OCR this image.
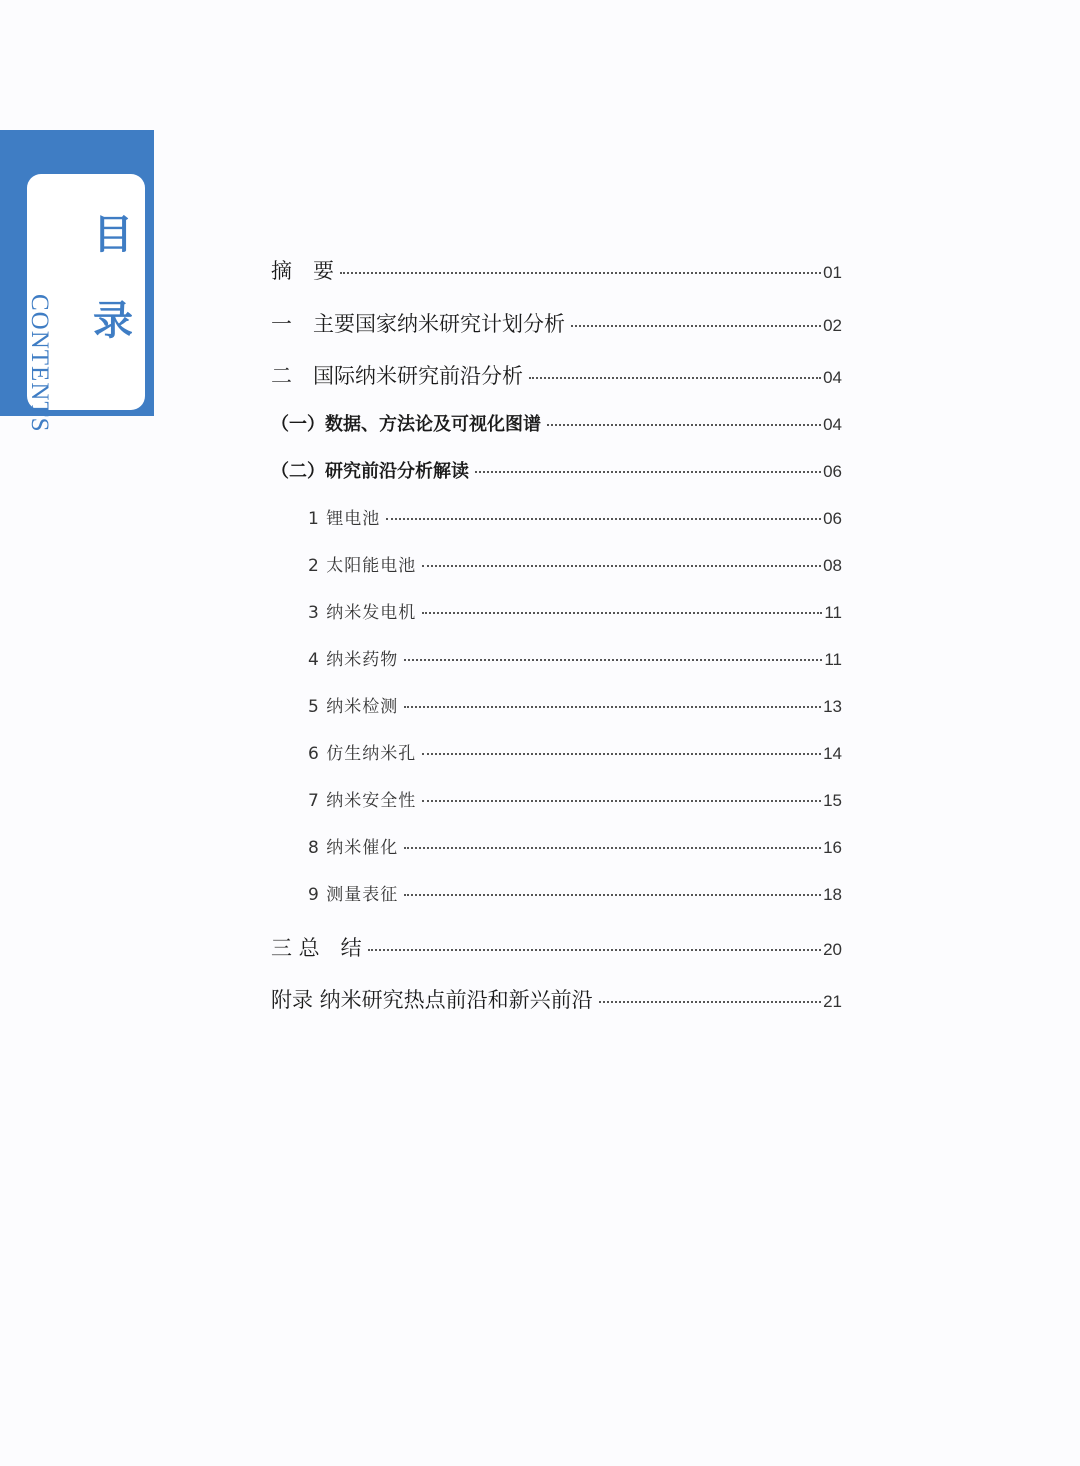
目
录
CONTENTS
摘　要	01
一　主要国家纳米研究计划分析	02
二　国际纳米研究前沿分析	04
（一）数据、方法论及可视化图谱	04
（二）研究前沿分析解读	06
1 锂电池	06
2 太阳能电池	08
3 纳米发电机	11
4 纳米药物	11
5 纳米检测	13
6 仿生纳米孔	14
7 纳米安全性	15
8 纳米催化	16
9 测量表征	18
三 总　结	20
附录 纳米研究热点前沿和新兴前沿	21
